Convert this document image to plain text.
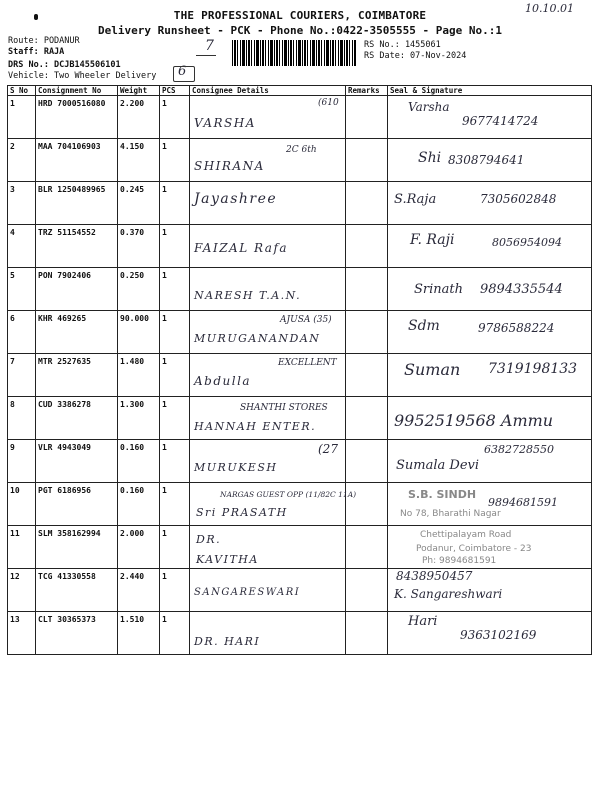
10.10.01
THE PROFESSIONAL COURIERS, COIMBATORE
Delivery Runsheet - PCK - Phone No.:0422-3505555 - Page No.:1
Route: PODANUR
Staff: RAJA
DRS No.: DCJB145506101
Vehicle: Two Wheeler Delivery
7
6
RS No.: 1455061
RS Date: 07-Nov-2024
S No	Consignment No	Weight	PCS	Consignee Details	Remarks	Seal & Signature
1	HRD 7000516080	2.200	1	(610
VARSHA		Varsha
9677414724

2	MAA 704106903	4.150	1	2C 6th
SHIRANA		Shi 8308794641

3	BLR 1250489965	0.245	1	Jayashree		S.Raja 7305602848

4	TRZ 51154552	0.370	1	FAIZAL Rafa		F. Raji 8056954094

5	PON 7902406	0.250	1	NARESH T.A.N.		Srinath 9894335544

6	KHR 469265	90.000	1	AJUSA (35)
MURUGANANDAN		Sdm 9786588224

7	MTR 2527635	1.480	1	EXCELLENT
Abdulla		Suman 7319198133

8	CUD 3386278	1.300	1	SHANTHI STORES
HANNAH ENTER.		9952519568 Ammu

9	VLR 4943049	0.160	1	(27
MURUKESH		6382728550
Sumala Devi

10	PGT 6186956	0.160	1	NARGAS GUEST OPP (11/82C 11A)
Sri PRASATH		S.B. SINDH
9894681591
No 78, Bharathi Nagar

11	SLM 358162994	2.000	1	DR. KAVITHA		Chettipalayam Road
Podanur, Coimbatore - 23
Ph: 9894681591

12	TCG 41330558	2.440	1	SANGARESWARI		8438950457
K. Sangareshwari

13	CLT 30365373	1.510	1	DR. HARI		Hari
9363102169
